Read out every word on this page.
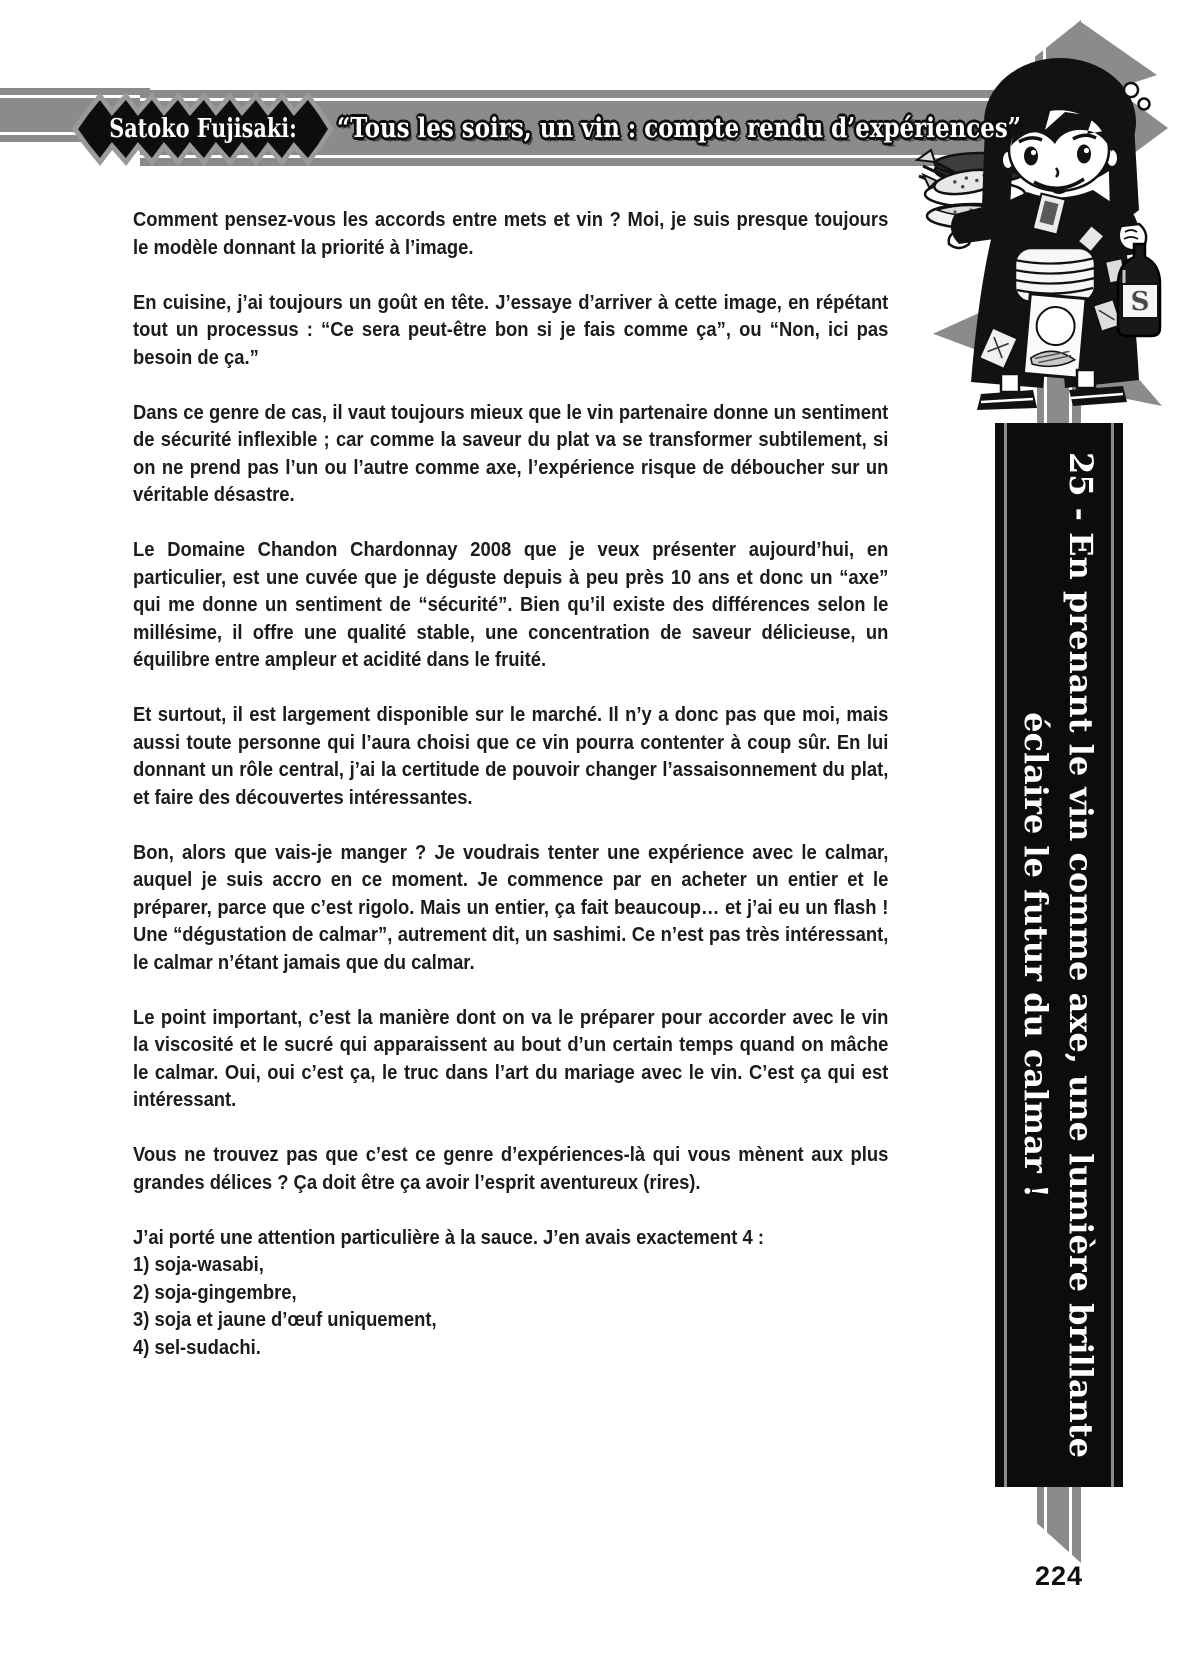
Satoko Fujisaki: “Tous les soirs, un vin : compte rendu d’expériences”
S
25 - En prenant le vin comme axe, une lumière brillante
éclaire le futur du calmar !

Comment pensez-vous les accords entre mets et vin ? Moi, je suis presque toujours le modèle donnant la priorité à l’image.

En cuisine, j’ai toujours un goût en tête. J’essaye d’arriver à cette image, en répétant tout un processus : “Ce sera peut-être bon si je fais comme ça”, ou “Non, ici pas besoin de ça.”

Dans ce genre de cas, il vaut toujours mieux que le vin partenaire donne un sentiment de sécurité inflexible ; car comme la saveur du plat va se transformer subtilement, si on ne prend pas l’un ou l’autre comme axe, l’expérience risque de déboucher sur un véritable désastre.

Le Domaine Chandon Chardonnay 2008 que je veux présenter aujourd’hui, en particulier, est une cuvée que je déguste depuis à peu près 10 ans et donc un “axe” qui me donne un sentiment de “sécurité”. Bien qu’il existe des différences selon le millésime, il offre une qualité stable, une concentration de saveur délicieuse, un équilibre entre ampleur et acidité dans le fruité.

Et surtout, il est largement disponible sur le marché. Il n’y a donc pas que moi, mais aussi toute personne qui l’aura choisi que ce vin pourra contenter à coup sûr. En lui donnant un rôle central, j’ai la certitude de pouvoir changer l’assaisonnement du plat, et faire des découvertes intéressantes.

Bon, alors que vais-je manger ? Je voudrais tenter une expérience avec le calmar, auquel je suis accro en ce moment. Je commence par en acheter un entier et le préparer, parce que c’est rigolo. Mais un entier, ça fait beaucoup… et j’ai eu un flash ! Une “dégustation de calmar”, autrement dit, un sashimi. Ce n’est pas très intéressant, le calmar n’étant jamais que du calmar.

Le point important, c’est la manière dont on va le préparer pour accorder avec le vin la viscosité et le sucré qui apparaissent au bout d’un certain temps quand on mâche le calmar. Oui, oui c’est ça, le truc dans l’art du mariage avec le vin. C’est ça qui est intéressant.

Vous ne trouvez pas que c’est ce genre d’expériences-là qui vous mènent aux plus grandes délices ? Ça doit être ça avoir l’esprit aventureux (rires).

J’ai porté une attention particulière à la sauce. J’en avais exactement 4 :

1) soja-wasabi,
2) soja-gingembre,
3) soja et jaune d’œuf uniquement,
4) sel-sudachi.
224
